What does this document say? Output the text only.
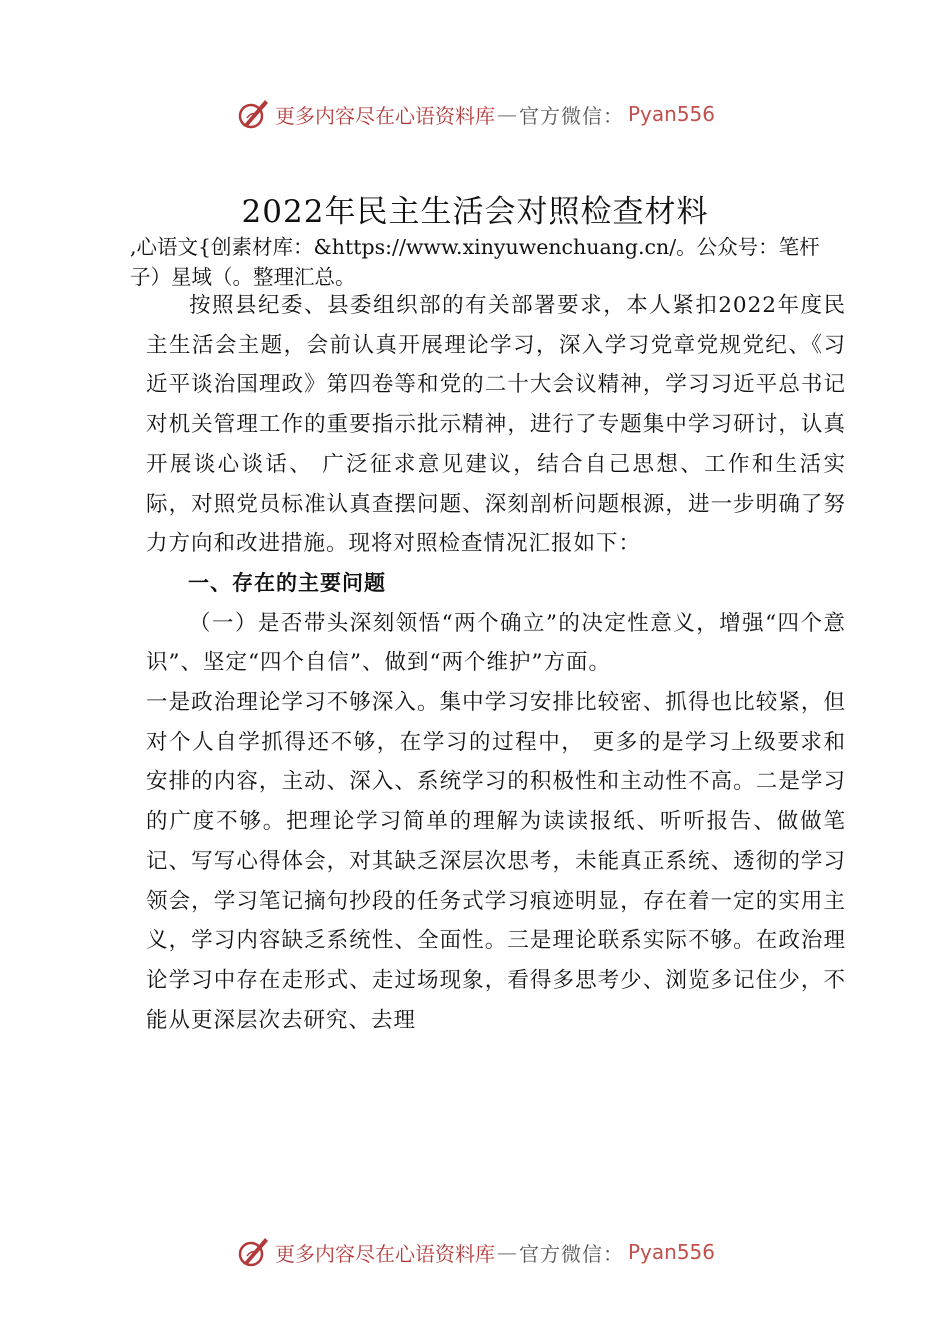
更多内容尽在心语资料库 — 官方微信： Pyan556
2022年民主生活会对照检查材料
,心语文{创素材库：&https://www.xinyuwenchuang.cn/。公众号：笔杆子）星域（。整理汇总。

按照县纪委、县委组织部的有关部署要求，本人紧扣2022年度民主生活会主题，会前认真开展理论学习，深入学习党章党规党纪、《习近平谈治国理政》第四卷等和党的二十大会议精神，学习习近平总书记对机关管理工作的重要指示批示精神，进行了专题集中学习研讨，认真开展谈心谈话、 广泛征求意见建议，结合自己思想、工作和生活实际，对照党员标准认真查摆问题、深刻剖析问题根源，进一步明确了努力方向和改进措施。现将对照检查情况汇报如下：

一、存在的主要问题

（一）是否带头深刻领悟“两个确立”的决定性意义，增强“四个意识”、坚定“四个自信”、做到“两个维护”方面。

一是政治理论学习不够深入。集中学习安排比较密、抓得也比较紧，但对个人自学抓得还不够，在学习的过程中， 更多的是学习上级要求和安排的内容，主动、深入、系统学习的积极性和主动性不高。二是学习的广度不够。把理论学习简单的理解为读读报纸、听听报告、做做笔记、写写心得体会，对其缺乏深层次思考，未能真正系统、透彻的学习领会，学习笔记摘句抄段的任务式学习痕迹明显，存在着一定的实用主义，学习内容缺乏系统性、全面性。三是理论联系实际不够。在政治理论学习中存在走形式、走过场现象，看得多思考少、浏览多记住少，不能从更深层次去研究、去理

更多内容尽在心语资料库 — 官方微信： Pyan556
